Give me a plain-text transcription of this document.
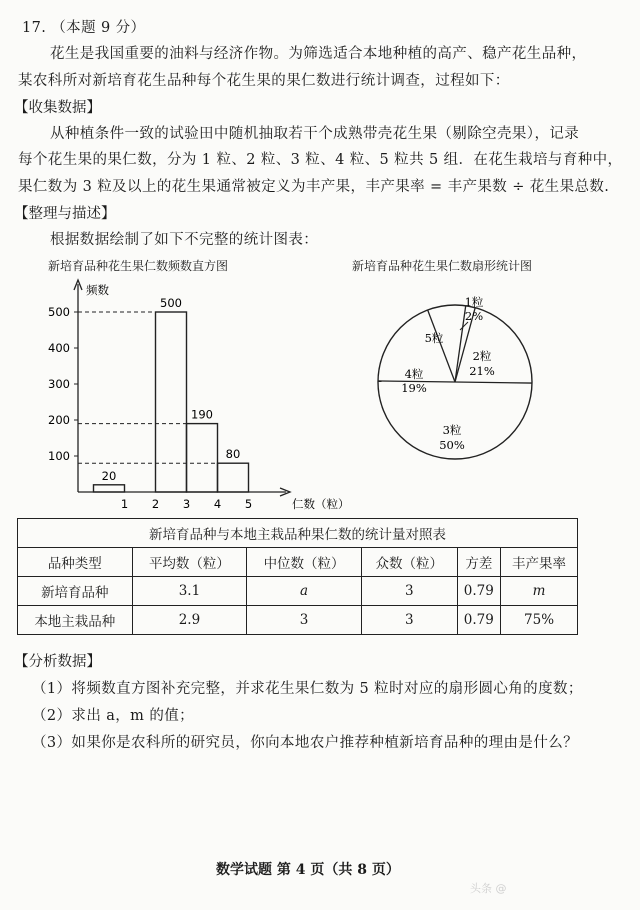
17. （本题 9 分）
花生是我国重要的油料与经济作物。为筛选适合本地种植的高产、稳产花生品种，
某农科所对新培育花生品种每个花生果的果仁数进行统计调查，过程如下：
【收集数据】
从种植条件一致的试验田中随机抽取若干个成熟带壳花生果（剔除空壳果），记录
每个花生果的果仁数，分为 1 粒、2 粒、3 粒、4 粒、5 粒共 5 组．在花生栽培与育种中，
果仁数为 3 粒及以上的花生果通常被定义为丰产果，丰产果率 = 丰产果数 ÷ 花生果总数.
【整理与描述】
根据数据绘制了如下不完整的统计图表：
新培育品种花生果仁数频数直方图
频数
仁数（粒）
100
200
300
400
500
1 2 3 4 5
20
500
190
80
新培育品种花生果仁数扇形统计图
1粒
2%
2粒
21%
3粒
50%
4粒
19%
5粒
新培育品种与本地主栽品种果仁数的统计量对照表					
品种类型	平均数（粒）	中位数（粒）	众数（粒）	方差	丰产果率
新培育品种	3.1	a	3	0.79	m
本地主栽品种	2.9	3	3	0.79	75%
【分析数据】
（1）将频数直方图补充完整，并求花生果仁数为 5 粒时对应的扇形圆心角的度数；
（2）求出 a，m 的值；
（3）如果你是农科所的研究员，你向本地农户推荐种植新培育品种的理由是什么？
数学试题 第 4 页（共 8 页）
头条 @
